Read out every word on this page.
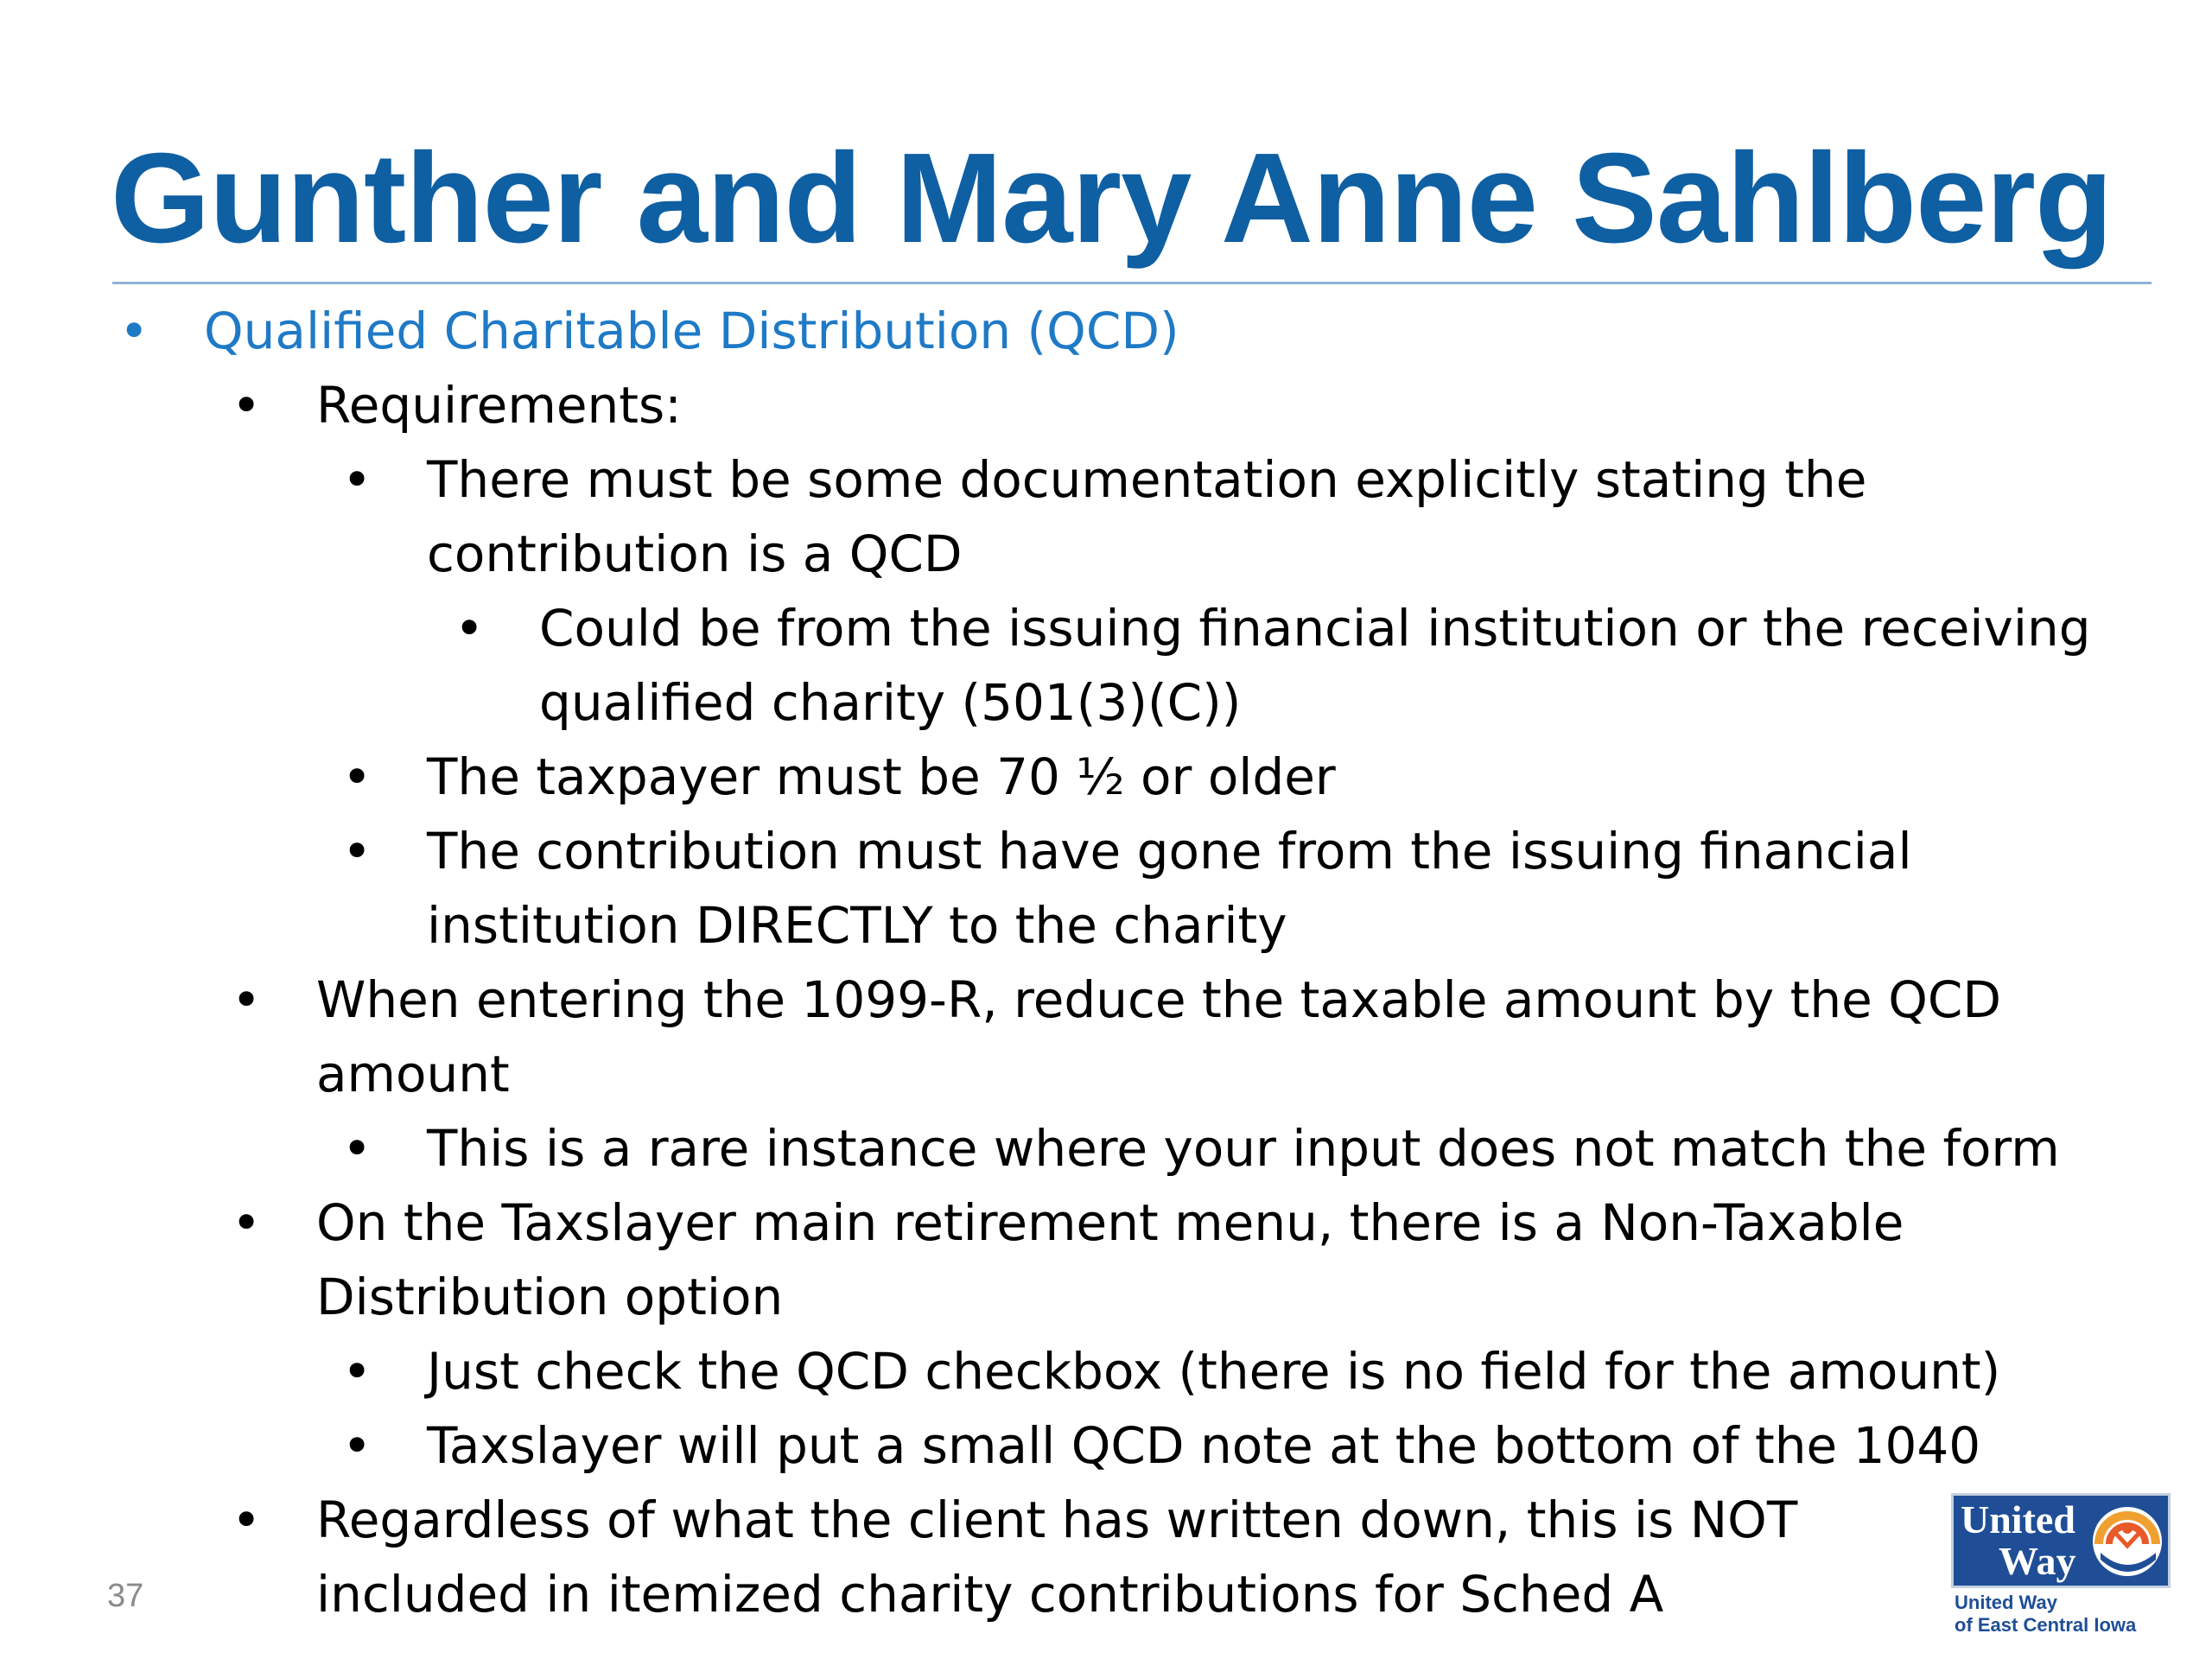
Gunther and Mary Anne Sahlberg
• Qualified Charitable Distribution (QCD)
• Requirements:
• There must be some documentation explicitly stating the contribution is a QCD
• Could be from the issuing financial institution or the receiving qualified charity (501(3)(C))
• The taxpayer must be 70 ½ or older
• The contribution must have gone from the issuing financial institution DIRECTLY to the charity
• When entering the 1099-R, reduce the taxable amount by the QCD amount
• This is a rare instance where your input does not match the form
• On the Taxslayer main retirement menu, there is a Non-Taxable Distribution option
• Just check the QCD checkbox (there is no field for the amount)
• Taxslayer will put a small QCD note at the bottom of the 1040
• Regardless of what the client has written down, this is NOT included in itemized charity contributions for Sched A
37
United
Way
United Way
of East Central Iowa
